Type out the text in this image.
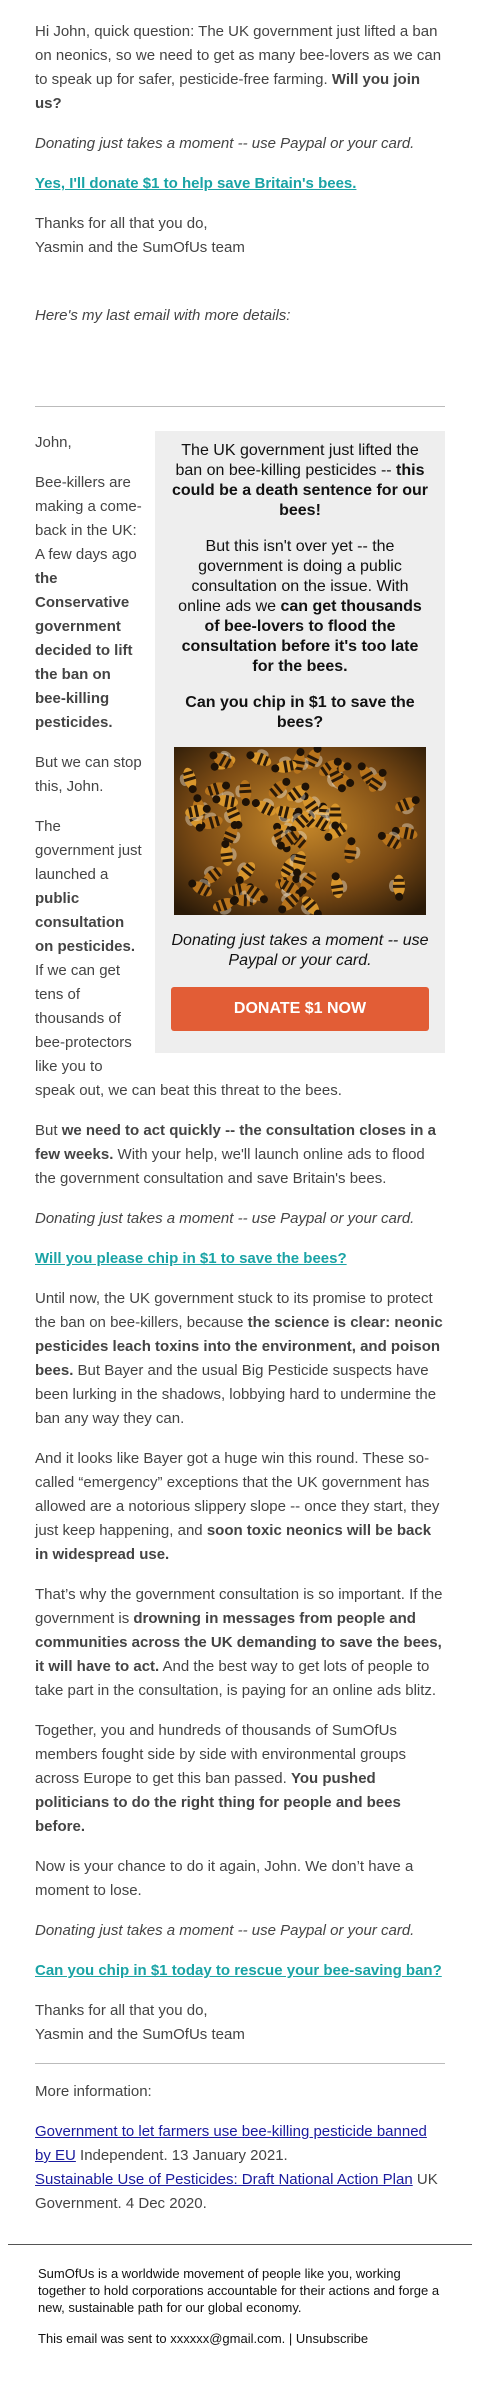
Hi John, quick question: The UK government just lifted a ban on neonics, so we need to get as many bee-lovers as we can to speak up for safer, pesticide-free farming. Will you join us?

Donating just takes a moment -- use Paypal or your card.

Yes, I'll donate $1 to help save Britain's bees.

Thanks for all that you do,
Yasmin and the SumOfUs team

Here's my last email with more details:

The UK government just lifted the ban on bee-killing pesticides -- this could be a death sentence for our bees!

But this isn't over yet -- the government is doing a public consultation on the issue. With online ads we can get thousands of bee-lovers to flood the consultation before it's too late for the bees.

Can you chip in $1 to save the bees?

Donating just takes a moment -- use Paypal or your card.

DONATE $1 NOW

John,

Bee-killers are making a come-back in the UK: A few days ago the Conservative government decided to lift the ban on bee-killing pesticides.

But we can stop this, John.

The government just launched a public consultation on pesticides. If we can get tens of thousands of bee-protectors like you to speak out, we can beat this threat to the bees.

But we need to act quickly -- the consultation closes in a few weeks. With your help, we'll launch online ads to flood the government consultation and save Britain's bees.

Donating just takes a moment -- use Paypal or your card.

Will you please chip in $1 to save the bees?

Until now, the UK government stuck to its promise to protect the ban on bee-killers, because the science is clear: neonic pesticides leach toxins into the environment, and poison bees. But Bayer and the usual Big Pesticide suspects have been lurking in the shadows, lobbying hard to undermine the ban any way they can.

And it looks like Bayer got a huge win this round. These so-called “emergency” exceptions that the UK government has allowed are a notorious slippery slope -- once they start, they just keep happening, and soon toxic neonics will be back in widespread use.

That’s why the government consultation is so important. If the government is drowning in messages from people and communities across the UK demanding to save the bees, it will have to act. And the best way to get lots of people to take part in the consultation, is paying for an online ads blitz.

Together, you and hundreds of thousands of SumOfUs members fought side by side with environmental groups across Europe to get this ban passed. You pushed politicians to do the right thing for people and bees before.

Now is your chance to do it again, John. We don’t have a moment to lose.

Donating just takes a moment -- use Paypal or your card.

Can you chip in $1 today to rescue your bee-saving ban?

Thanks for all that you do,
Yasmin and the SumOfUs team

More information:

Government to let farmers use bee-killing pesticide banned by EU Independent. 13 January 2021.

Sustainable Use of Pesticides: Draft National Action Plan UK Government. 4 Dec 2020.

SumOfUs is a worldwide movement of people like you, working together to hold corporations accountable for their actions and forge a new, sustainable path for our global economy.

This email was sent to xxxxxx@gmail.com. | Unsubscribe
